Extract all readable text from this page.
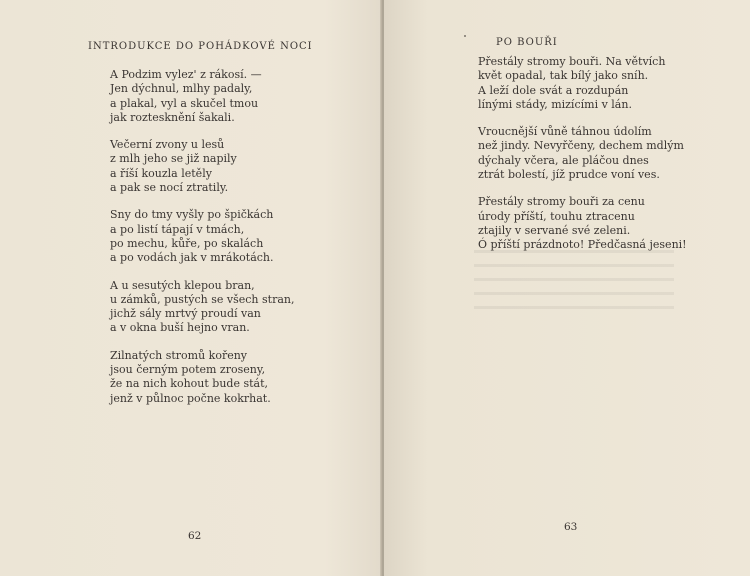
INTRODUKCE DO POHÁDKOVÉ NOCI
A Podzim vylez' z rákosí. —
Jen dýchnul, mlhy padaly,
a plakal, vyl a skučel tmou
jak roztesknění šakali.
Večerní zvony u lesů
z mlh jeho se již napily
a říší kouzla letěly
a pak se nocí ztratily.
Sny do tmy vyšly po špičkách
a po listí tápají v tmách,
po mechu, kůře, po skalách
a po vodách jak v mrákotách.
A u sesutých klepou bran,
u zámků, pustých se všech stran,
jichž sály mrtvý proudí van
a v okna buší hejno vran.
Zilnatých stromů kořeny
jsou černým potem zroseny,
že na nich kohout bude stát,
jenž v půlnoc počne kokrhat.
62
PO BOUŘI
Přestály stromy bouři. Na větvích
květ opadal, tak bílý jako sníh.
A leží dole svát a rozdupán
línými stády, mizícími v lán.
Vroucnější vůně táhnou údolím
než jindy. Nevyřčeny, dechem mdlým
dýchaly včera, ale pláčou dnes
ztrát bolestí, jíž prudce voní ves.
Přestály stromy bouři za cenu
úrody příští, touhu ztracenu
ztajily v servané své zeleni.
Ó příští prázdnoto! Předčasná jeseni!
63
